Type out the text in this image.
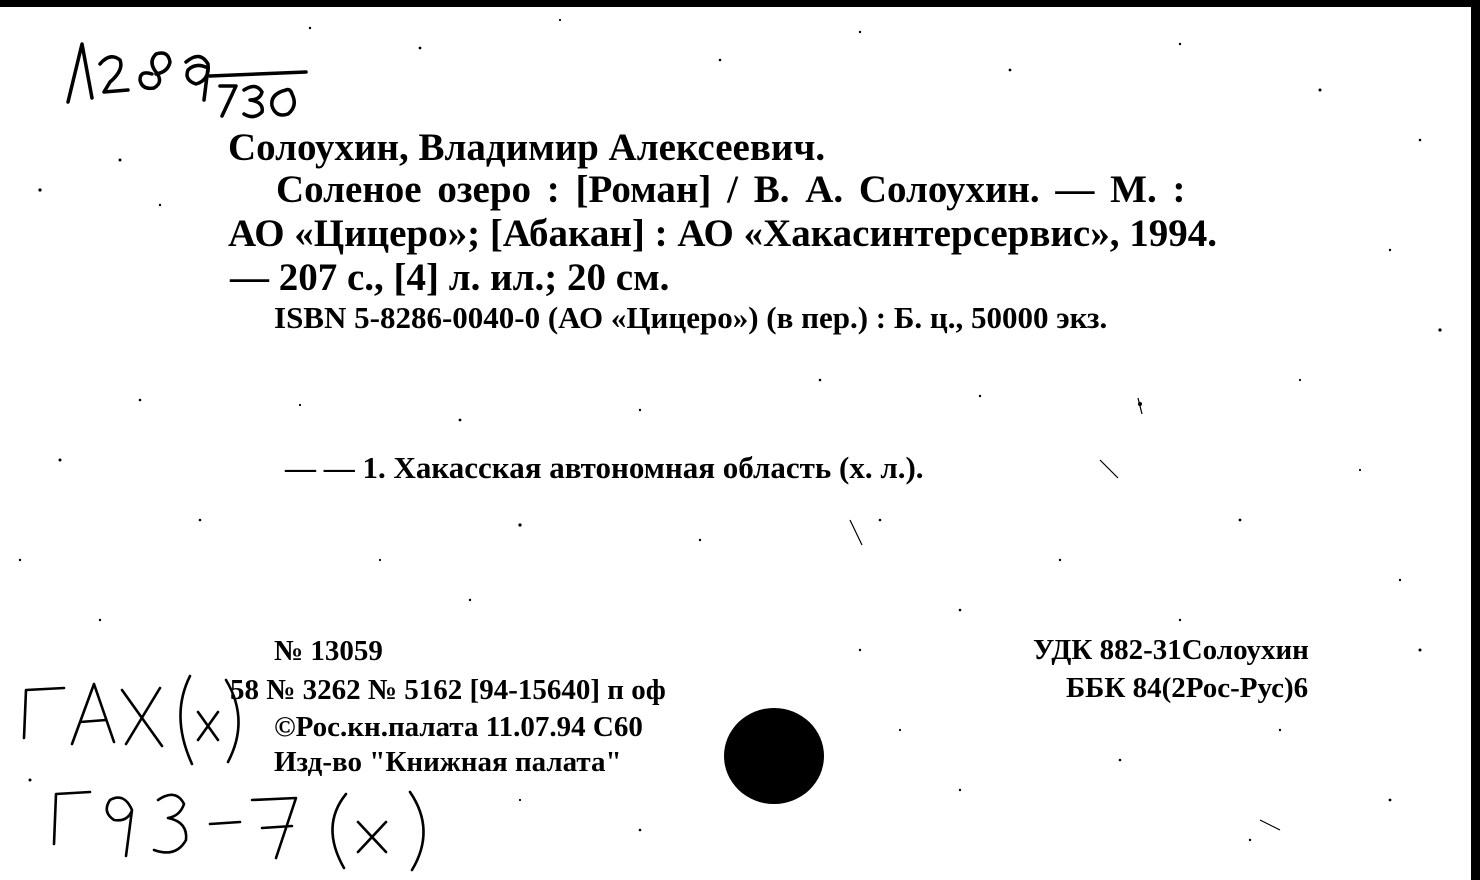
Солоухин, Владимир Алексеевич.
Соленое озеро : [Роман] / В. А. Солоухин. — М. :
АО «Цицеро»; [Абакан] : АО «Хакасинтерсервис», 1994.
— 207 с., [4] л. ил.; 20 см.
ISBN 5-8286-0040-0 (АО «Цицеро») (в пер.) : Б. ц., 50000 экз.
— — 1. Хакасская автономная область (х. л.).
№ 13059
58 № 3262 № 5162 [94-15640] п оф
©Рос.кн.палата 11.07.94 С60
Изд-во "Книжная палата"
УДК 882-31Солоухин
ББК 84(2Рос-Рус)6
